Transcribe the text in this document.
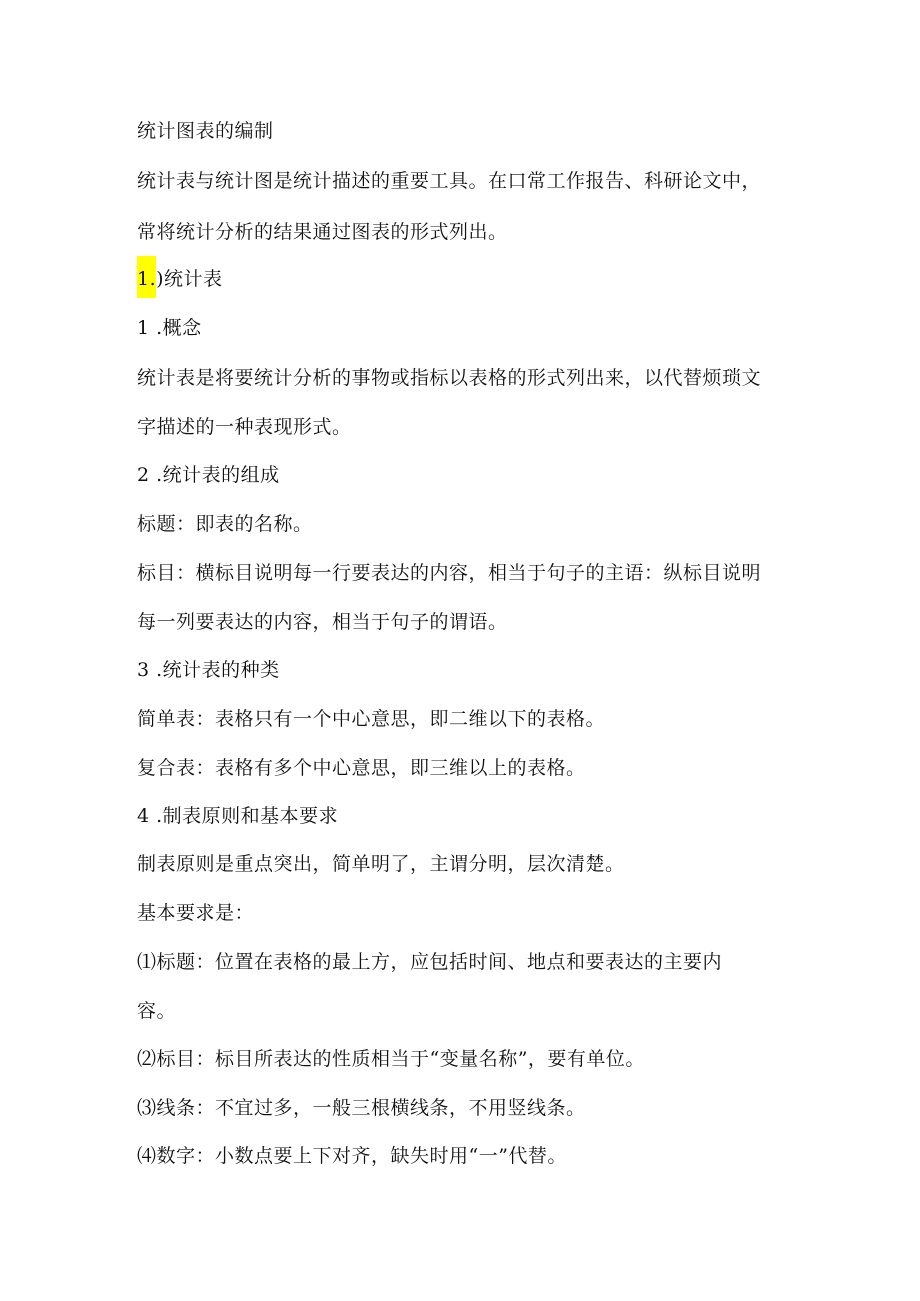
统计图表的编制
统计表与统计图是统计描述的重要工具。在口常工作报告、科研论文中，
常将统计分析的结果通过图表的形式列出。
1.)统计表
1 .概念
统计表是将要统计分析的事物或指标以表格的形式列出来，以代替烦琐文
字描述的一种表现形式。
2 .统计表的组成
标题：即表的名称。
标目：横标目说明每一行要表达的内容，相当于句子的主语：纵标目说明
每一列要表达的内容，相当于句子的谓语。
3 .统计表的种类
简单表：表格只有一个中心意思，即二维以下的表格。
复合表：表格有多个中心意思，即三维以上的表格。
4 .制表原则和基本要求
制表原则是重点突出，简单明了，主谓分明，层次清楚。
基本要求是：
⑴标题：位置在表格的最上方，应包括时间、地点和要表达的主要内
容。
⑵标目：标目所表达的性质相当于“变量名称”，要有单位。
⑶线条：不宜过多，一般三根横线条，不用竖线条。
⑷数字：小数点要上下对齐，缺失时用“一”代替。
